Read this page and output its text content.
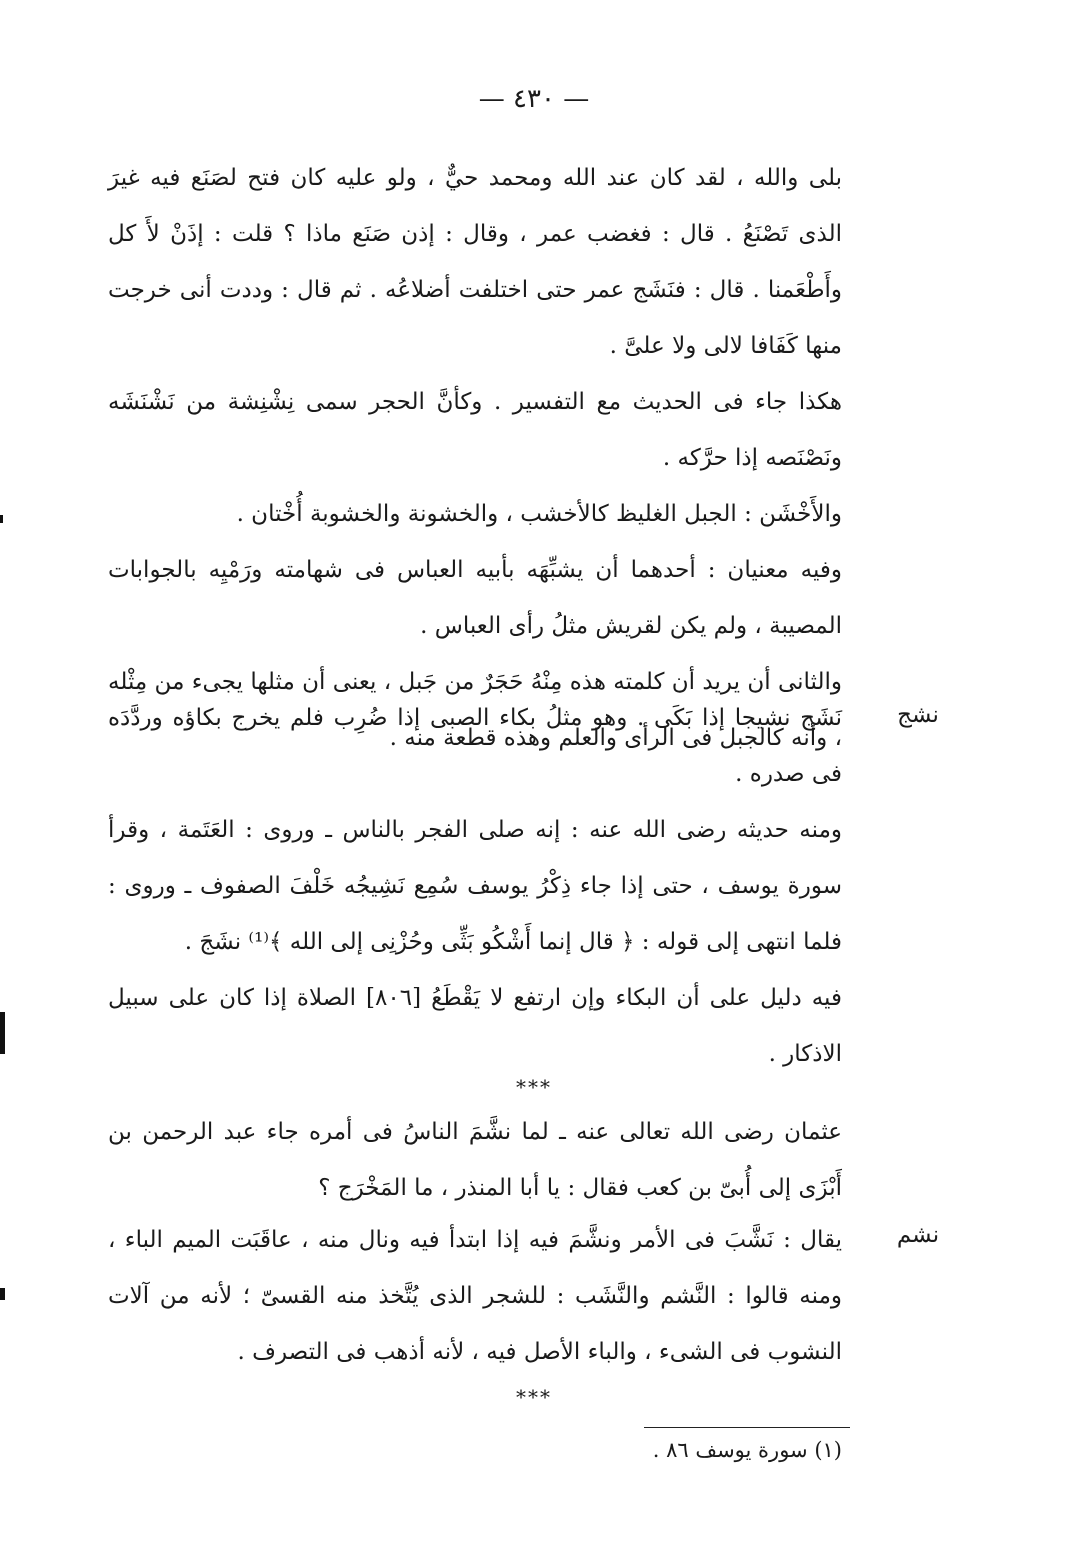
— ٤٣٠ —

بلى والله ، لقد كان عند الله ومحمد حيٌّ ، ولو عليه كان فتح لصَنَع فيه غيرَ الذى تَصْنَعُ . قال : فغضب عمر ، وقال : إذن صَنَع ماذا ؟ قلت : إذَنْ لأَ كل وأَطْعَمنا . قال : فنَشَج عمر حتى اختلفت أضلاعُه . ثم قال : وددت أنى خرجت منها كَفَافا لالى ولا علىَّ .

هكذا جاء فى الحديث مع التفسير . وكأنَّ الحجر سمى نِشْنِشة من نَشْنَشَه ونَصْنَصه إذا حرَّكه .

والأَخْشَن : الجبل الغليظ كالأخشب ، والخشونة والخشوبة أُخْتان .

وفيه معنيان : أحدهما أن يشبِّهَه بأبيه العباس فى شهامته ورَمْيِه بالجوابات المصيبة ، ولم يكن لقريش مثلُ رأى العباس .

والثانى أن يريد أن كلمته هذه مِنْهُ حَجَرٌ من جَبل ، يعنى أن مثلها يجىء من مِثْله ، وأنه كالجبل فى الرأى والعلم وهذه قطعة منه .

نشج

نَشَج نشيجا إذا بَكَى . وهو مثلُ بكاء الصبى إذا ضُرِب فلم يخرج بكاؤه وردَّدَه فى صدره .

ومنه حديثه رضى الله عنه : إنه صلى الفجر بالناس ـ وروى : العَتَمة ، وقرأ سورة يوسف ، حتى إذا جاء ذِكْرُ يوسف سُمِع نَشِيجُه خَلْفَ الصفوف ـ وروى : فلما انتهى إلى قوله : ﴿ قال إنما أَشْكُو بَثِّى وحُزْنِى إلى الله ﴾⁽¹⁾ نشَجَ .

فيه دليل على أن البكاء وإن ارتفع لا يَقْطَعُ [٨٠٦] الصلاة إذا كان على سبيل الاذكار .

***

عثمان رضى الله تعالى عنه ـ لما نشَّمَ الناسُ فى أمره جاء عبد الرحمن بن أَبْزَى إلى أُبىّ بن كعب فقال : يا أبا المنذر ، ما المَخْرَج ؟

نشم

يقال : نَشَّبَ فى الأمر ونشَّمَ فيه إذا ابتدأ فيه ونال منه ، عاقَبَت الميم الباء ، ومنه قالوا : النَّشم والنَّشَب : للشجر الذى يُتَّخذ منه القسىّ ؛ لأنه من آلات النشوب فى الشىء ، والباء الأصل فيه ، لأنه أذهب فى التصرف .

***
(١) سورة يوسف ٨٦ .
